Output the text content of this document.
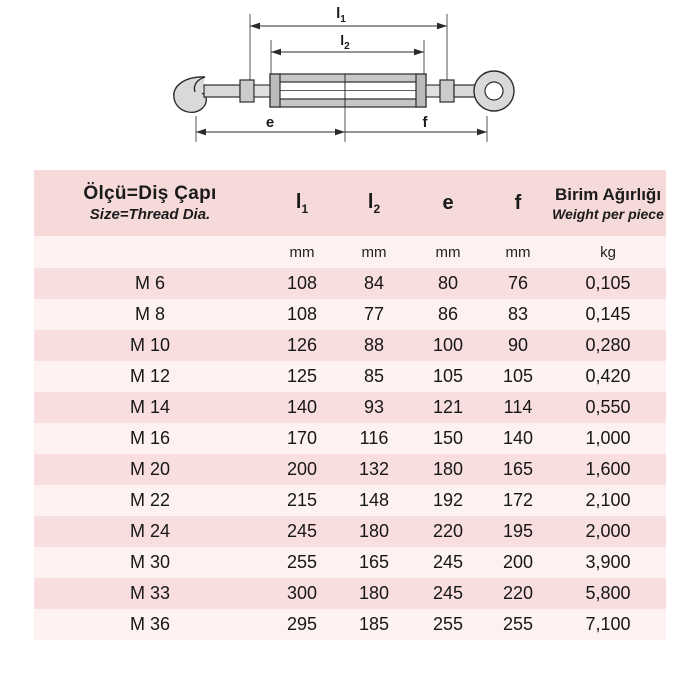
$l_1$
$l_2$
e	f
Ölçü=Diş Çapı
Size=Thread Dia.
	$l_1$	$l_2$	e	f	Birim Ağırlığı
Weight per piece

	mm	mm	mm	mm	kg
M 6	108	84	80	76	0,105
M 8	108	77	86	83	0,145
M 10	126	88	100	90	0,280
M 12	125	85	105	105	0,420
M 14	140	93	121	114	0,550
M 16	170	116	150	140	1,000
M 20	200	132	180	165	1,600
M 22	215	148	192	172	2,100
M 24	245	180	220	195	2,000
M 30	255	165	245	200	3,900
M 33	300	180	245	220	5,800
M 36	295	185	255	255	7,100
